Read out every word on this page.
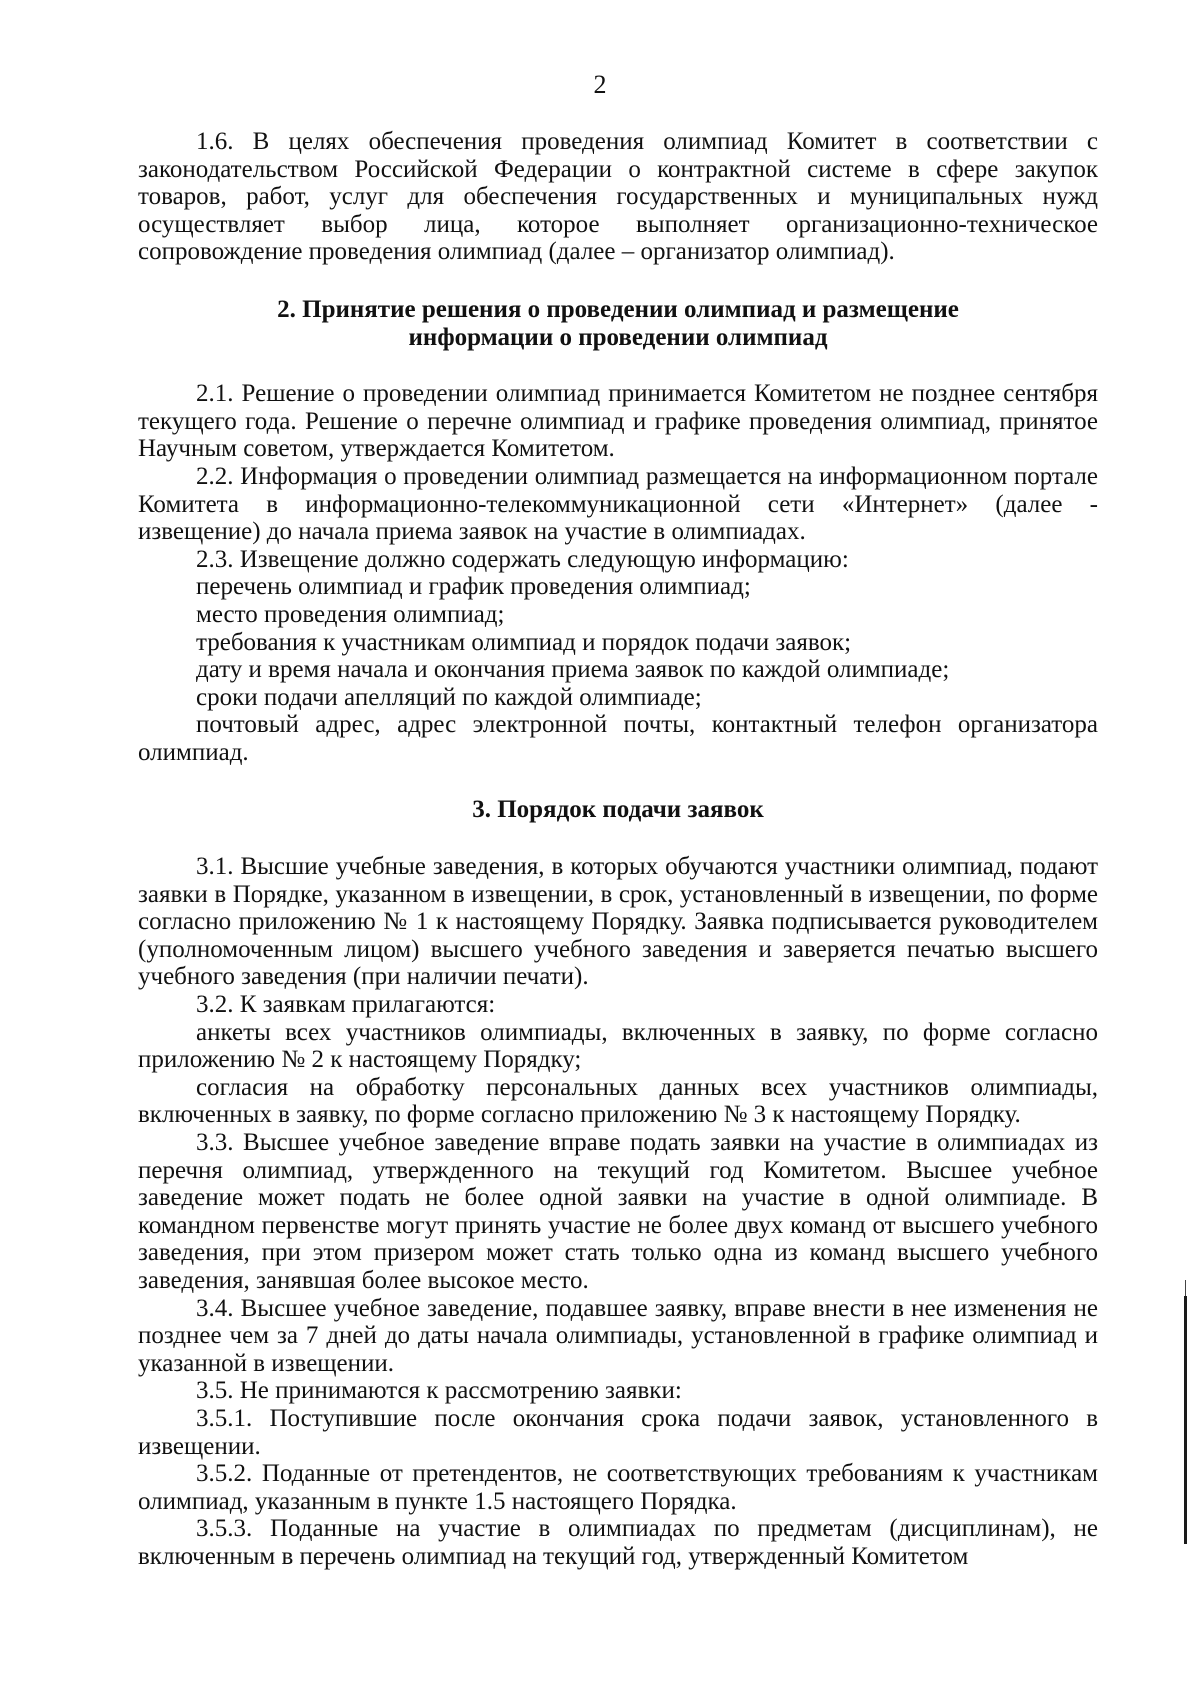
2

1.6. В целях обеспечения проведения олимпиад Комитет в соответствии с законодательством Российской Федерации о контрактной системе в сфере закупок товаров, работ, услуг для обеспечения государственных и муниципальных нужд осуществляет выбор лица, которое выполняет организационно-техническое сопровождение проведения олимпиад (далее – организатор олимпиад).

2. Принятие решения о проведении олимпиад и размещение

информации о проведении олимпиад

2.1. Решение о проведении олимпиад принимается Комитетом не позднее сентября текущего года. Решение о перечне олимпиад и графике проведения олимпиад, принятое Научным советом, утверждается Комитетом.

2.2. Информация о проведении олимпиад размещается на информационном портале Комитета в информационно-телекоммуникационной сети «Интернет» (далее - извещение) до начала приема заявок на участие в олимпиадах.

2.3. Извещение должно содержать следующую информацию:

перечень олимпиад и график проведения олимпиад;

место проведения олимпиад;

требования к участникам олимпиад и порядок подачи заявок;

дату и время начала и окончания приема заявок по каждой олимпиаде;

сроки подачи апелляций по каждой олимпиаде;

почтовый адрес, адрес электронной почты, контактный телефон организатора олимпиад.

3. Порядок подачи заявок

3.1. Высшие учебные заведения, в которых обучаются участники олимпиад, подают заявки в Порядке, указанном в извещении, в срок, установленный в извещении, по форме согласно приложению № 1 к настоящему Порядку. Заявка подписывается руководителем (уполномоченным лицом) высшего учебного заведения и заверяется печатью высшего учебного заведения (при наличии печати).

3.2. К заявкам прилагаются:

анкеты всех участников олимпиады, включенных в заявку, по форме согласно приложению № 2 к настоящему Порядку;

согласия на обработку персональных данных всех участников олимпиады, включенных в заявку, по форме согласно приложению № 3 к настоящему Порядку.

3.3. Высшее учебное заведение вправе подать заявки на участие в олимпиадах из перечня олимпиад, утвержденного на текущий год Комитетом. Высшее учебное заведение может подать не более одной заявки на участие в одной олимпиаде. В командном первенстве могут принять участие не более двух команд от высшего учебного заведения, при этом призером может стать только одна из команд высшего учебного заведения, занявшая более высокое место.

3.4. Высшее учебное заведение, подавшее заявку, вправе внести в нее изменения не позднее чем за 7 дней до даты начала олимпиады, установленной в графике олимпиад и указанной в извещении.

3.5. Не принимаются к рассмотрению заявки:

3.5.1. Поступившие после окончания срока подачи заявок, установленного в извещении.

3.5.2. Поданные от претендентов, не соответствующих требованиям к участникам олимпиад, указанным в пункте 1.5 настоящего Порядка.

3.5.3. Поданные на участие в олимпиадах по предметам (дисциплинам), не включенным в перечень олимпиад на текущий год, утвержденный Комитетом
